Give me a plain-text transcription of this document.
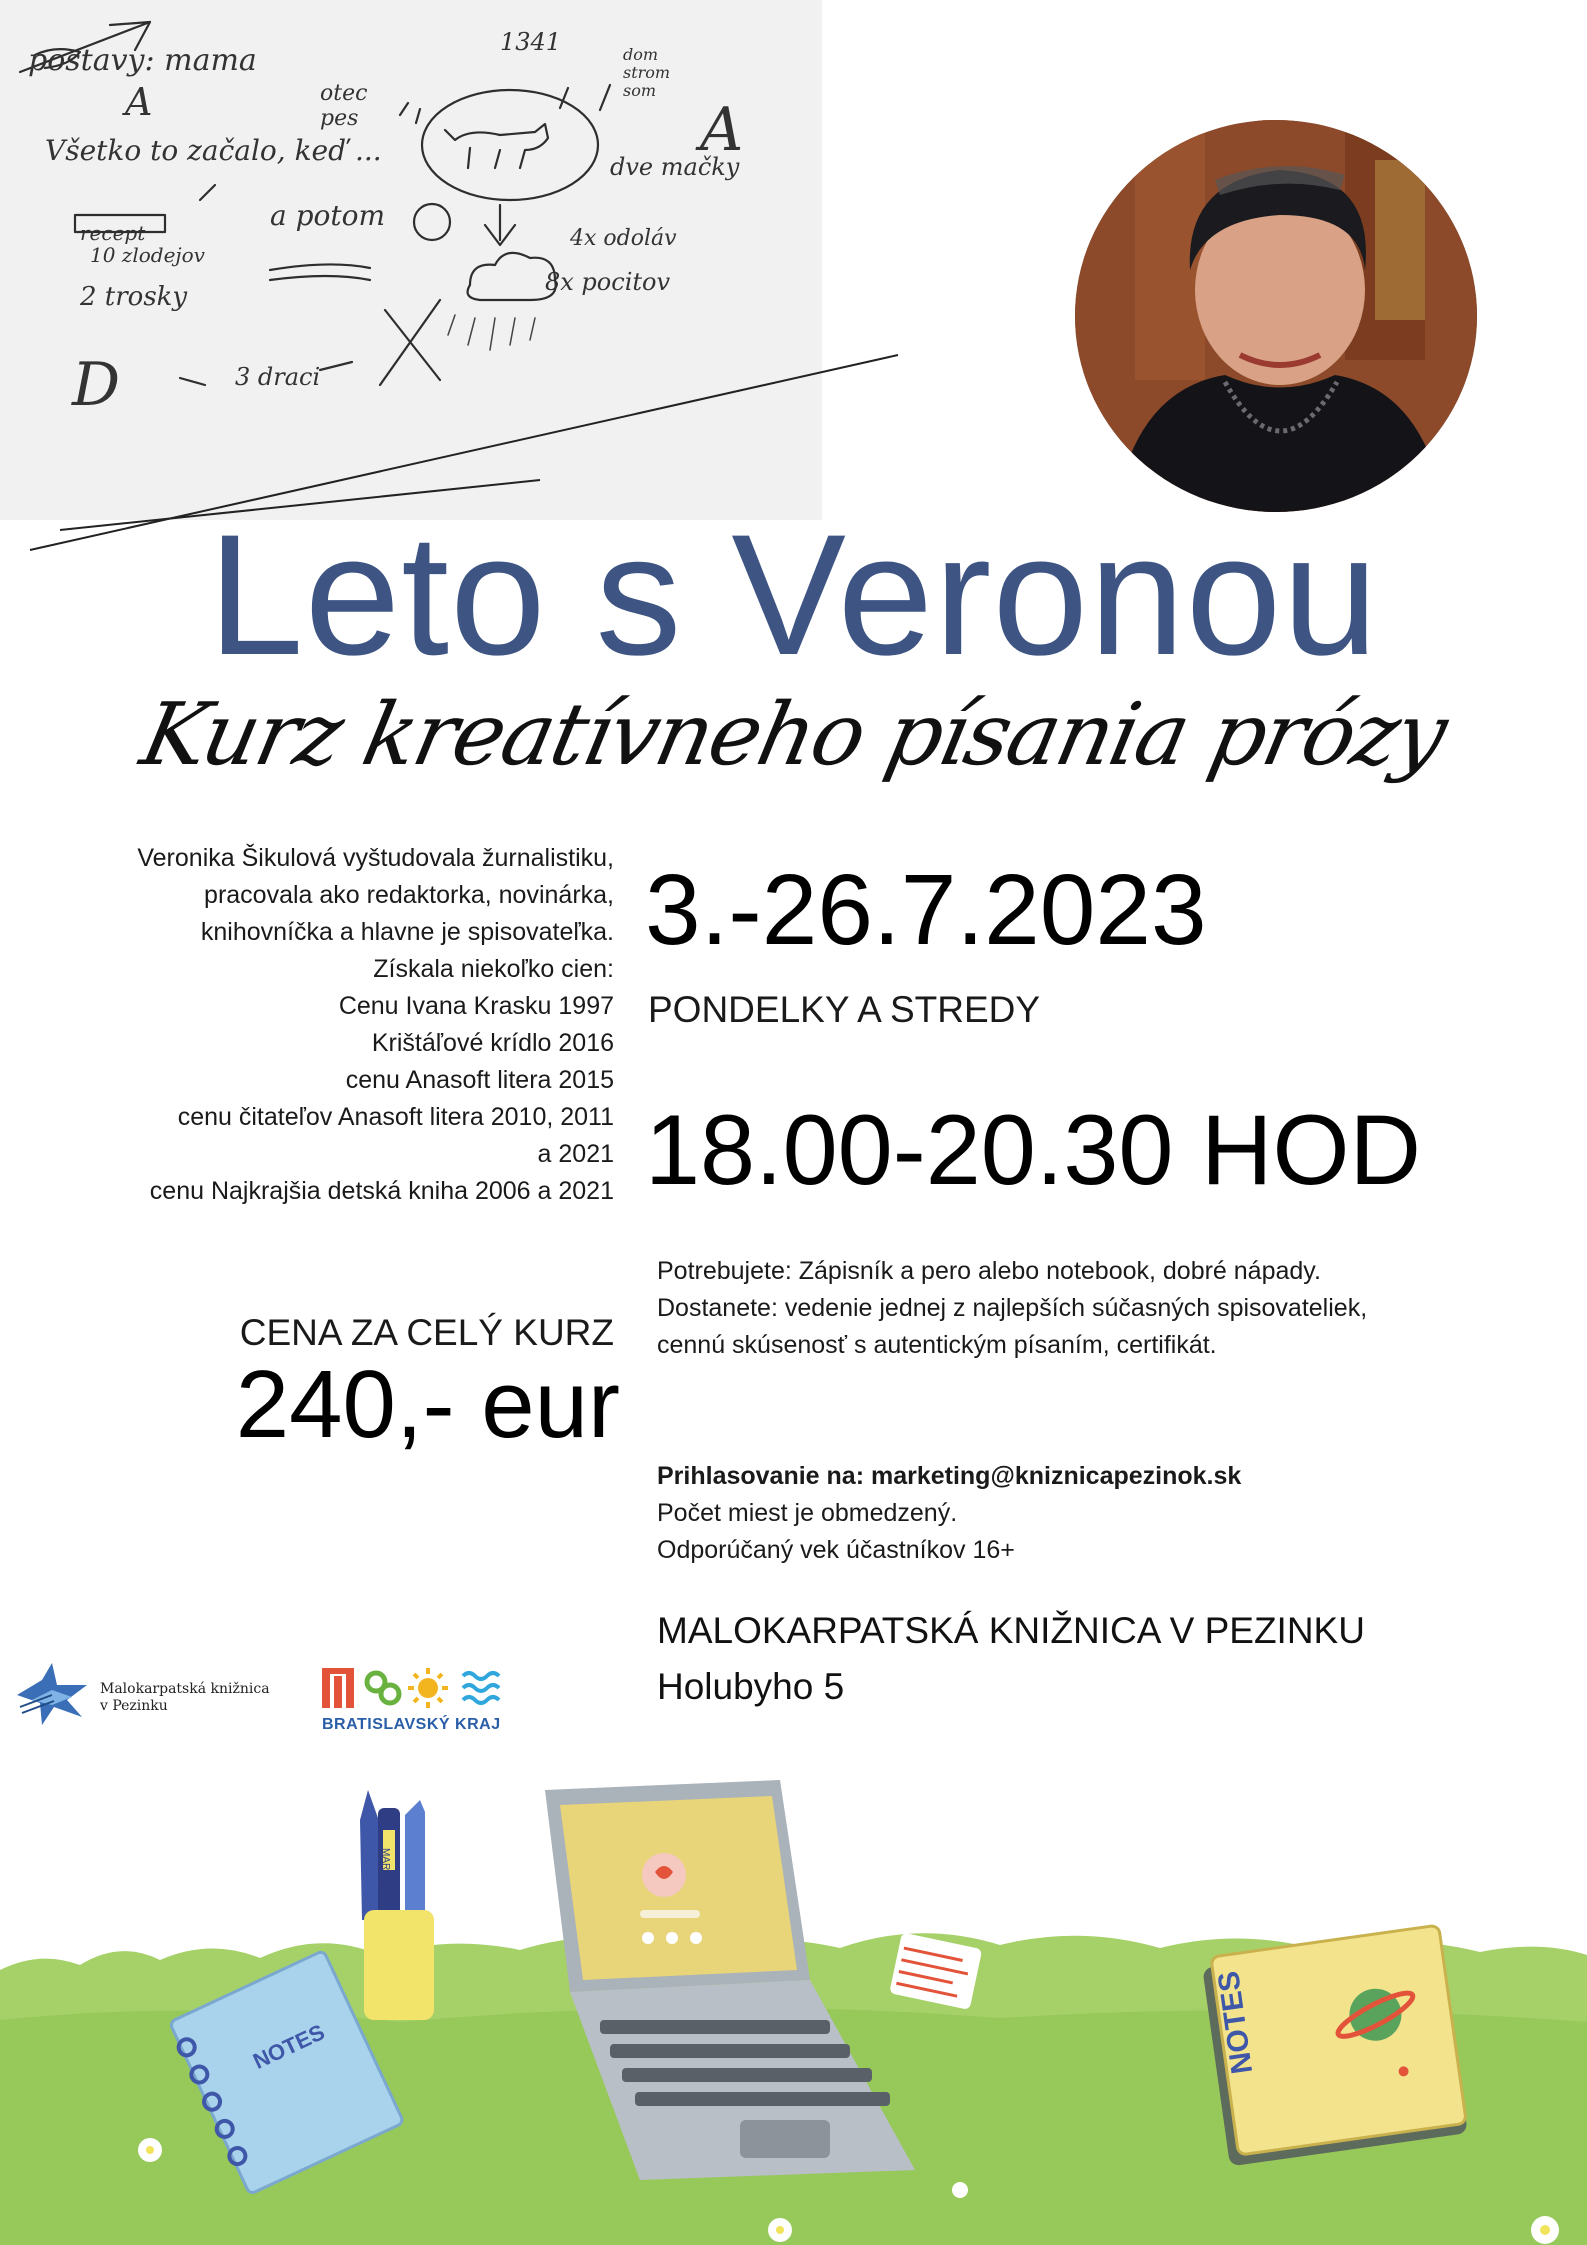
postavy: mama
otec
pes
1341	dom
strom
som
Všetko to začalo, keď ...
a potom
dve mačky
recept
10 zlodejov
2 trosky
4x odoláv
8x pocitov
3 draci
A	A
D
Leto s Veronou
Kurz kreatívneho písania prózy
Veronika Šikulová vyštudovala žurnalistiku,
pracovala ako redaktorka, novinárka,
knihovníčka a hlavne je spisovateľka.
Získala niekoľko cien:
Cenu Ivana Krasku 1997
Krištáľové krídlo 2016
cenu Anasoft litera 2015
cenu čitateľov Anasoft litera 2010, 2011
a 2021
cenu Najkrajšia detská kniha 2006 a 2021
3.-26.7.2023
PONDELKY A STREDY
18.00-20.30 HOD
Potrebujete: Zápisník a pero alebo notebook, dobré nápady.
Dostanete: vedenie jednej z najlepších súčasných spisovateliek,
cennú skúsenosť s autentickým písaním, certifikát.
CENA ZA CELÝ KURZ
240,- eur
Prihlasovanie na: marketing@kniznicapezinok.sk
Počet miest je obmedzený.
Odporúčaný vek účastníkov 16+
MALOKARPATSKÁ KNIŽNICA V PEZINKU
Holubyho 5
Malokarpatská knižnica
v Pezinku
BRATISLAVSKÝ KRAJ
MARKER
NOTES	NOTES
